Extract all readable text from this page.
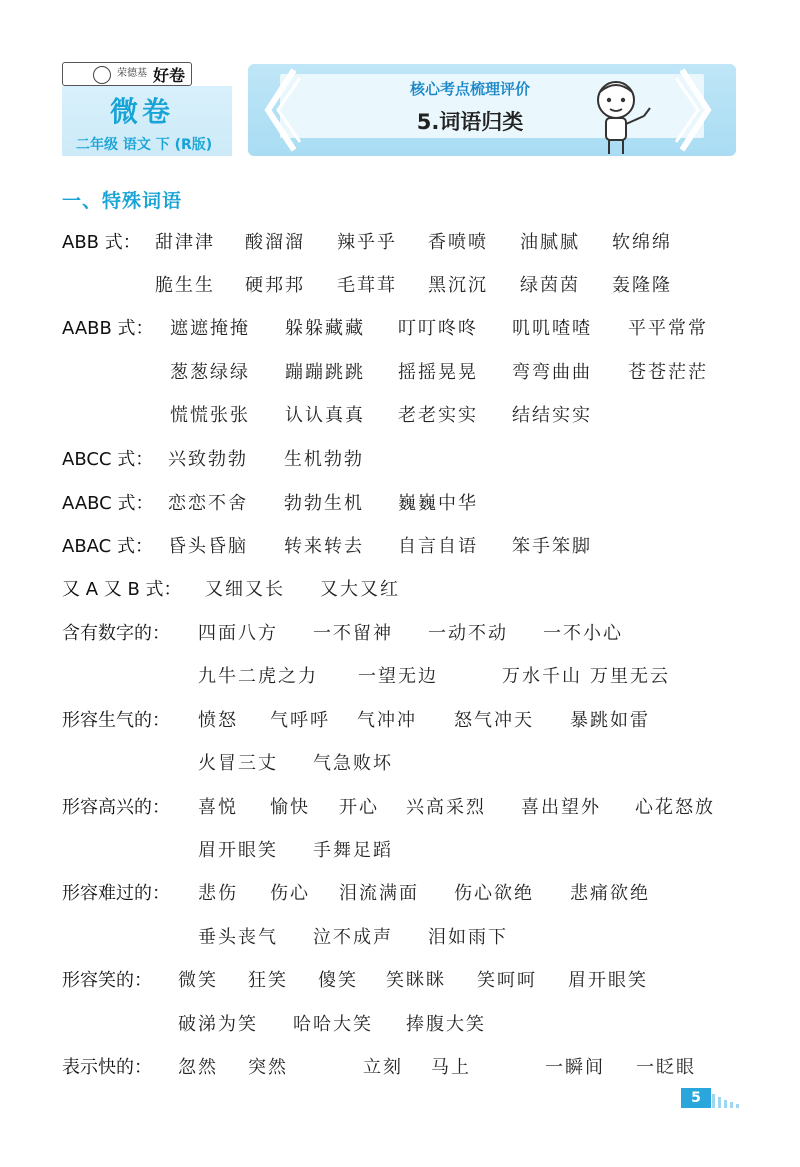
荣德基 好卷
微卷
二年级 语文 下 (R版)
核心考点梳理评价
5.词语归类
一、特殊词语
ABB 式： 甜津津 酸溜溜 辣乎乎 香喷喷 油腻腻 软绵绵
脆生生 硬邦邦 毛茸茸 黑沉沉 绿茵茵 轰隆隆
AABB 式： 遮遮掩掩 躲躲藏藏 叮叮咚咚 叽叽喳喳 平平常常
葱葱绿绿 蹦蹦跳跳 摇摇晃晃 弯弯曲曲 苍苍茫茫
慌慌张张 认认真真 老老实实 结结实实
ABCC 式： 兴致勃勃 生机勃勃
AABC 式： 恋恋不舍 勃勃生机 巍巍中华
ABAC 式： 昏头昏脑 转来转去 自言自语 笨手笨脚
又 A 又 B 式： 又细又长 又大又红
含有数字的： 四面八方 一不留神 一动不动 一不小心
九牛二虎之力 一望无边	万水千山 万里无云
形容生气的： 愤怒 气呼呼 气冲冲 怒气冲天 暴跳如雷
火冒三丈 气急败坏
形容高兴的： 喜悦 愉快 开心 兴高采烈 喜出望外 心花怒放
眉开眼笑 手舞足蹈
形容难过的： 悲伤 伤心 泪流满面 伤心欲绝 悲痛欲绝
垂头丧气 泣不成声 泪如雨下
形容笑的： 微笑 狂笑 傻笑 笑眯眯 笑呵呵 眉开眼笑
破涕为笑 哈哈大笑 捧腹大笑
表示快的： 忽然 突然	立刻 马上	一瞬间 一眨眼
5
